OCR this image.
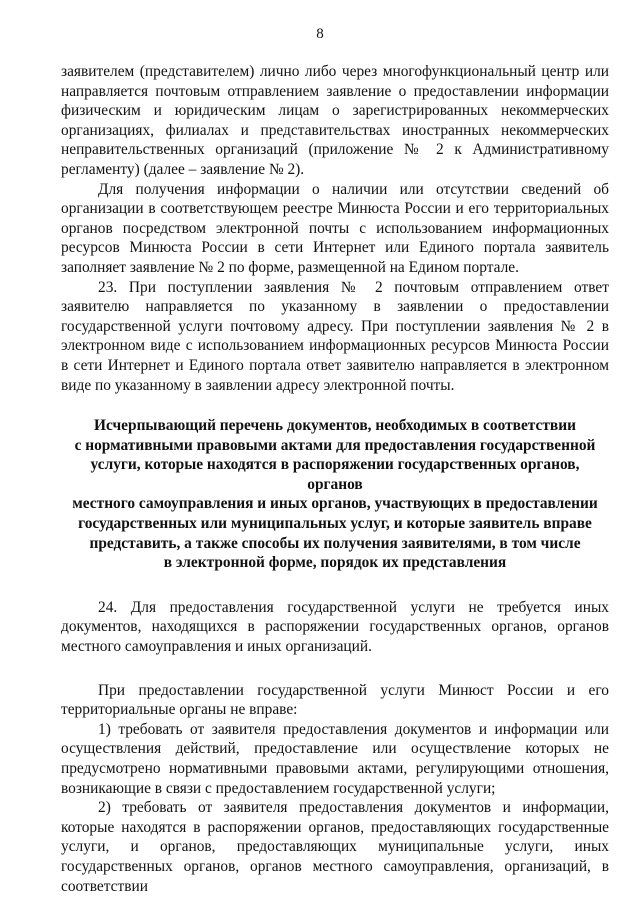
8

заявителем (представителем) лично либо через многофункциональный центр или направляется почтовым отправлением заявление о предоставлении информации физическим и юридическим лицам о зарегистрированных некоммерческих организациях, филиалах и представительствах иностранных некоммерческих неправительственных организаций (приложение № 2 к Административному регламенту) (далее – заявление № 2).

Для получения информации о наличии или отсутствии сведений об организации в соответствующем реестре Минюста России и его территориальных органов посредством электронной почты с использованием информационных ресурсов Минюста России в сети Интернет или Единого портала заявитель заполняет заявление № 2 по форме, размещенной на Едином портале.

23. При поступлении заявления № 2 почтовым отправлением ответ заявителю направляется по указанному в заявлении о предоставлении государственной услуги почтовому адресу. При поступлении заявления № 2 в электронном виде с использованием информационных ресурсов Минюста России в сети Интернет и Единого портала ответ заявителю направляется в электронном виде по указанному в заявлении адресу электронной почты.

Исчерпывающий перечень документов, необходимых в соответствии
с нормативными правовыми актами для предоставления государственной
услуги, которые находятся в распоряжении государственных органов, органов
местного самоуправления и иных органов, участвующих в предоставлении
государственных или муниципальных услуг, и которые заявитель вправе
представить, а также способы их получения заявителями, в том числе
в электронной форме, порядок их представления

24. Для предоставления государственной услуги не требуется иных документов, находящихся в распоряжении государственных органов, органов местного самоуправления и иных организаций.

При предоставлении государственной услуги Минюст России и его территориальные органы не вправе:

1) требовать от заявителя предоставления документов и информации или осуществления действий, предоставление или осуществление которых не предусмотрено нормативными правовыми актами, регулирующими отношения, возникающие в связи с предоставлением государственной услуги;

2) требовать от заявителя предоставления документов и информации, которые находятся в распоряжении органов, предоставляющих государственные услуги, и органов, предоставляющих муниципальные услуги, иных государственных органов, органов местного самоуправления, организаций, в соответствии
